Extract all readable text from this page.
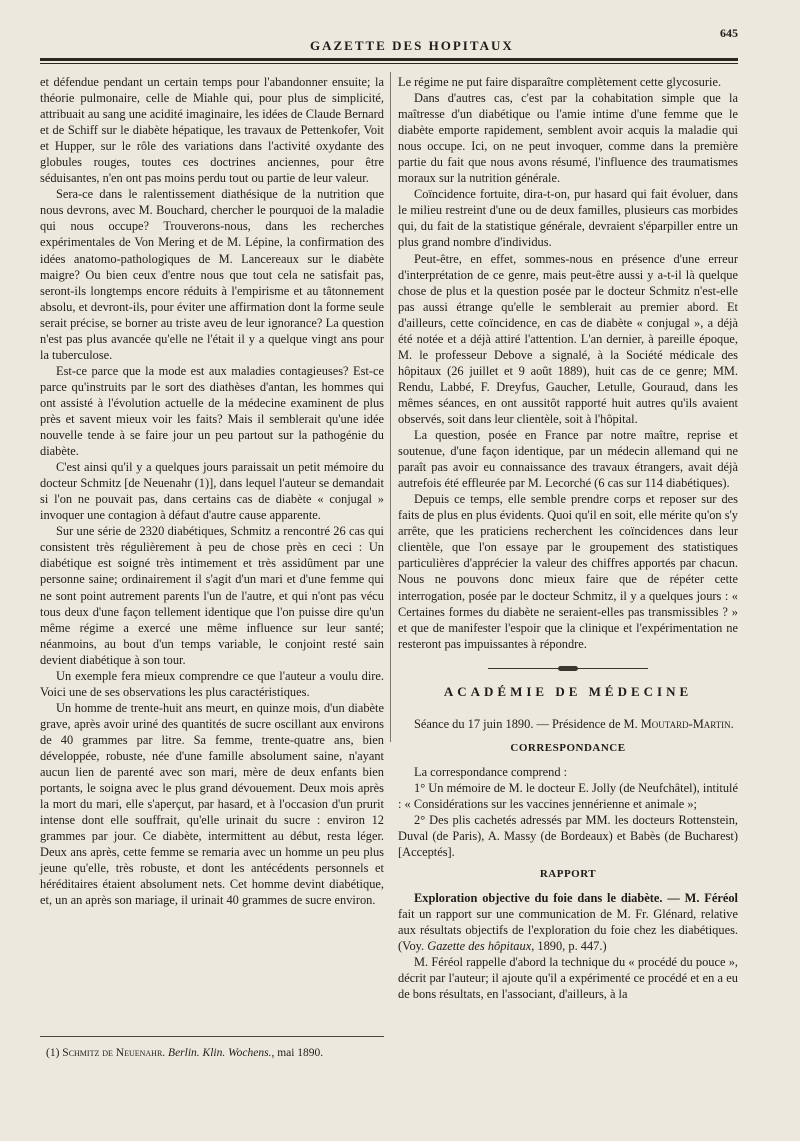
645
GAZETTE DES HOPITAUX

et défendue pendant un certain temps pour l'abandonner ensuite; la théorie pulmonaire, celle de Miahle qui, pour plus de simplicité, attribuait au sang une acidité imaginaire, les idées de Claude Bernard et de Schiff sur le diabète hépatique, les travaux de Pettenkofer, Voit et Hupper, sur le rôle des variations dans l'activité oxydante des globules rouges, toutes ces doctrines anciennes, pour être séduisantes, n'en ont pas moins perdu tout ou partie de leur valeur.

Sera-ce dans le ralentissement diathésique de la nutrition que nous devrons, avec M. Bouchard, chercher le pourquoi de la maladie qui nous occupe? Trouverons-nous, dans les recherches expérimentales de Von Mering et de M. Lépine, la confirmation des idées anatomo-pathologiques de M. Lancereaux sur le diabète maigre? Ou bien ceux d'entre nous que tout cela ne satisfait pas, seront-ils longtemps encore réduits à l'empirisme et au tâtonnement absolu, et devront-ils, pour éviter une affirmation dont la forme seule serait précise, se borner au triste aveu de leur ignorance? La question n'est pas plus avancée qu'elle ne l'était il y a quelque vingt ans pour la tuberculose.

Est-ce parce que la mode est aux maladies contagieuses? Est-ce parce qu'instruits par le sort des diathèses d'antan, les hommes qui ont assisté à l'évolution actuelle de la médecine examinent de plus près et savent mieux voir les faits? Mais il semblerait qu'une idée nouvelle tende à se faire jour un peu partout sur la pathogénie du diabète.

C'est ainsi qu'il y a quelques jours paraissait un petit mémoire du docteur Schmitz [de Neuenahr (1)], dans lequel l'auteur se demandait si l'on ne pouvait pas, dans certains cas de diabète « conjugal » invoquer une contagion à défaut d'autre cause apparente.

Sur une série de 2320 diabétiques, Schmitz a rencontré 26 cas qui consistent très régulièrement à peu de chose près en ceci : Un diabétique est soigné très intimement et très assidûment par une personne saine; ordinairement il s'agit d'un mari et d'une femme qui ne sont point autrement parents l'un de l'autre, et qui n'ont pas vécu tous deux d'une façon tellement identique que l'on puisse dire qu'un même régime a exercé une même influence sur leur santé; néanmoins, au bout d'un temps variable, le conjoint resté sain devient diabétique à son tour.

Un exemple fera mieux comprendre ce que l'auteur a voulu dire. Voici une de ses observations les plus caractéristiques.

Un homme de trente-huit ans meurt, en quinze mois, d'un diabète grave, après avoir uriné des quantités de sucre oscillant aux environs de 40 grammes par litre. Sa femme, trente-quatre ans, bien développée, robuste, née d'une famille absolument saine, n'ayant aucun lien de parenté avec son mari, mère de deux enfants bien portants, le soigna avec le plus grand dévouement. Deux mois après la mort du mari, elle s'aperçut, par hasard, et à l'occasion d'un prurit intense dont elle souffrait, qu'elle urinait du sucre : environ 12 grammes par jour. Ce diabète, intermittent au début, resta léger. Deux ans après, cette femme se remaria avec un homme un peu plus jeune qu'elle, très robuste, et dont les antécédents personnels et héréditaires étaient absolument nets. Cet homme devint diabétique, et, un an après son mariage, il urinait 40 grammes de sucre environ.

(1) Schmitz de Neuenahr. Berlin. Klin. Wochens., mai 1890.

Le régime ne put faire disparaître complètement cette glycosurie.

Dans d'autres cas, c'est par la cohabitation simple que la maîtresse d'un diabétique ou l'amie intime d'une femme que le diabète emporte rapidement, semblent avoir acquis la maladie qui nous occupe. Ici, on ne peut invoquer, comme dans la première partie du fait que nous avons résumé, l'influence des traumatismes moraux sur la nutrition générale.

Coïncidence fortuite, dira-t-on, pur hasard qui fait évoluer, dans le milieu restreint d'une ou de deux familles, plusieurs cas morbides qui, du fait de la statistique générale, devraient s'éparpiller entre un plus grand nombre d'individus.

Peut-être, en effet, sommes-nous en présence d'une erreur d'interprétation de ce genre, mais peut-être aussi y a-t-il là quelque chose de plus et la question posée par le docteur Schmitz n'est-elle pas aussi étrange qu'elle le semblerait au premier abord. Et d'ailleurs, cette coïncidence, en cas de diabète « conjugal », a déjà été notée et a déjà attiré l'attention. L'an dernier, à pareille époque, M. le professeur Debove a signalé, à la Société médicale des hôpitaux (26 juillet et 9 août 1889), huit cas de ce genre; MM. Rendu, Labbé, F. Dreyfus, Gaucher, Letulle, Gouraud, dans les mêmes séances, en ont aussitôt rapporté huit autres qu'ils avaient observés, soit dans leur clientèle, soit à l'hôpital.

La question, posée en France par notre maître, reprise et soutenue, d'une façon identique, par un médecin allemand qui ne paraît pas avoir eu connaissance des travaux étrangers, avait déjà autrefois été effleurée par M. Lecorché (6 cas sur 114 diabétiques).

Depuis ce temps, elle semble prendre corps et reposer sur des faits de plus en plus évidents. Quoi qu'il en soit, elle mérite qu'on s'y arrête, que les praticiens recherchent les coïncidences dans leur clientèle, que l'on essaye par le groupement des statistiques particulières d'apprécier la valeur des chiffres apportés par chacun. Nous ne pouvons donc mieux faire que de répéter cette interrogation, posée par le docteur Schmitz, il y a quelques jours : « Certaines formes du diabète ne seraient-elles pas transmissibles ? » et que de manifester l'espoir que la clinique et l'expérimentation ne resteront pas impuissantes à répondre.

ACADÉMIE DE MÉDECINE

Séance du 17 juin 1890. — Présidence de M. Moutard-Martin.

CORRESPONDANCE

La correspondance comprend :

1° Un mémoire de M. le docteur E. Jolly (de Neufchâtel), intitulé : « Considérations sur les vaccines jennérienne et animale »;

2° Des plis cachetés adressés par MM. les docteurs Rottenstein, Duval (de Paris), A. Massy (de Bordeaux) et Babès (de Bucharest) [Acceptés].

RAPPORT

Exploration objective du foie dans le diabète. — M. Féréol fait un rapport sur une communication de M. Fr. Glénard, relative aux résultats objectifs de l'exploration du foie chez les diabétiques. (Voy. Gazette des hôpitaux, 1890, p. 447.)

M. Féréol rappelle d'abord la technique du « procédé du pouce », décrit par l'auteur; il ajoute qu'il a expérimenté ce procédé et en a eu de bons résultats, en l'associant, d'ailleurs, à la
